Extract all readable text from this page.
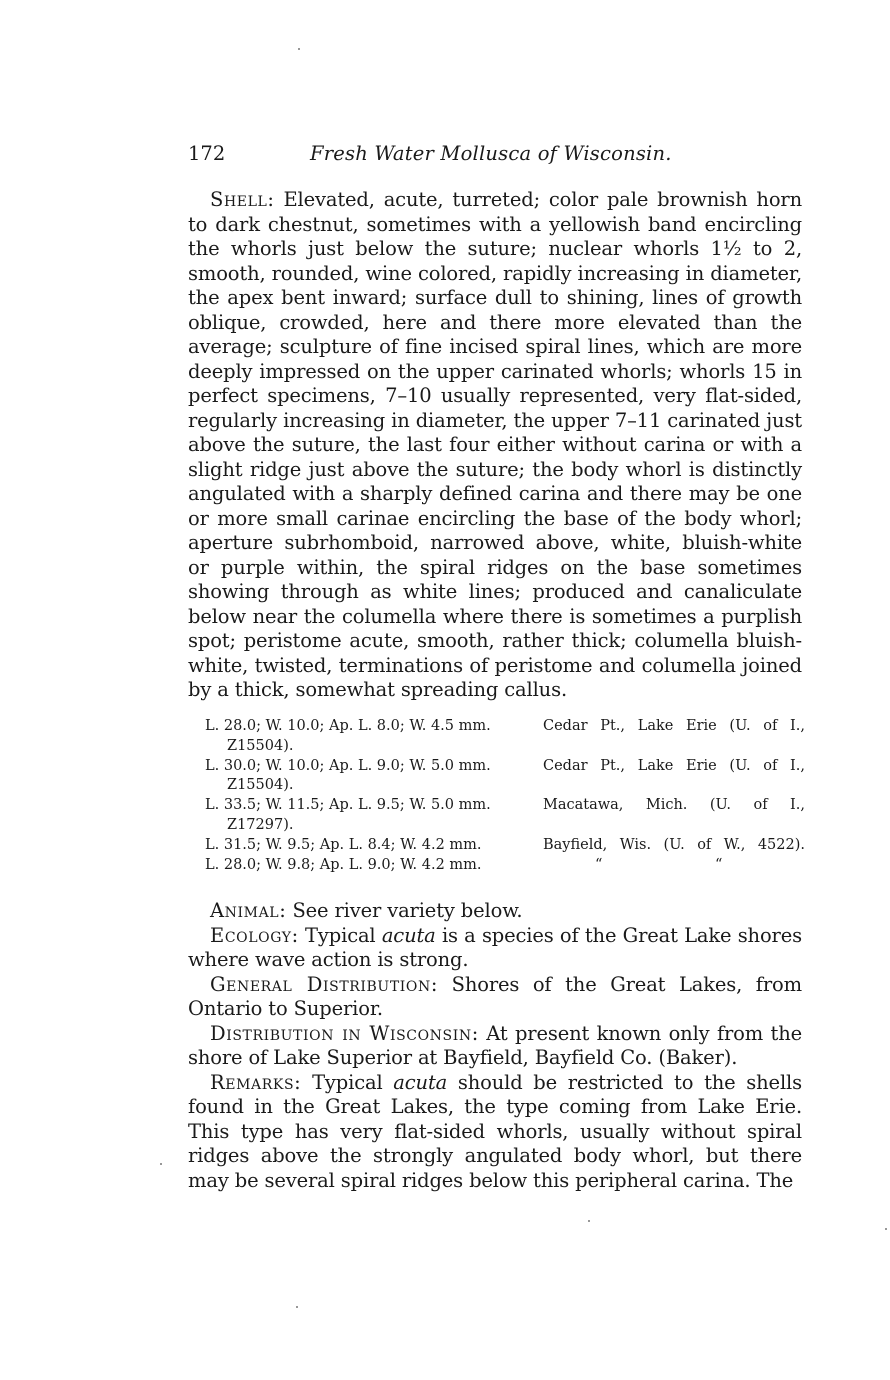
172	Fresh Water Mollusca of Wisconsin.

Shell: Elevated, acute, turreted; color pale brownish horn to dark chestnut, sometimes with a yellowish band encircling the whorls just below the suture; nuclear whorls 1½ to 2, smooth, rounded, wine colored, rapidly increasing in diameter, the apex bent inward; surface dull to shining, lines of growth oblique, crowded, here and there more elevated than the average; sculpture of fine incised spiral lines, which are more deeply impressed on the upper carinated whorls; whorls 15 in perfect specimens, 7–10 usually represented, very flat-sided, regularly increasing in diameter, the upper 7–11 carinated just above the suture, the last four either without carina or with a slight ridge just above the suture; the body whorl is distinctly angulated with a sharply defined carina and there may be one or more small carinae encircling the base of the body whorl; aperture subrhomboid, narrowed above, white, bluish-white or purple within, the spiral ridges on the base sometimes showing through as white lines; produced and canaliculate below near the columella where there is sometimes a purplish spot; peristome acute, smooth, rather thick; columella bluish-white, twisted, terminations of peristome and columella joined by a thick, somewhat spreading callus.

L. 28.0; W. 10.0; Ap. L. 8.0; W. 4.5 mm.	Cedar Pt., Lake Erie (U. of I.,
Z15504).
L. 30.0; W. 10.0; Ap. L. 9.0; W. 5.0 mm.	Cedar Pt., Lake Erie (U. of I.,
Z15504).
L. 33.5; W. 11.5; Ap. L. 9.5; W. 5.0 mm.	Macatawa, Mich. (U. of I.,
Z17297).
L. 31.5; W. 9.5; Ap. L. 8.4; W. 4.2 mm.	Bayfield, Wis. (U. of W., 4522).
L. 28.0; W. 9.8; Ap. L. 9.0; W. 4.2 mm.	“	“

Animal: See river variety below.

Ecology: Typical acuta is a species of the Great Lake shores where wave action is strong.

General Distribution: Shores of the Great Lakes, from Ontario to Superior.

Distribution in Wisconsin: At present known only from the shore of Lake Superior at Bayfield, Bayfield Co. (Baker).

Remarks: Typical acuta should be restricted to the shells found in the Great Lakes, the type coming from Lake Erie. This type has very flat-sided whorls, usually without spiral ridges above the strongly angulated body whorl, but there may be several spiral ridges below this peripheral carina. The
